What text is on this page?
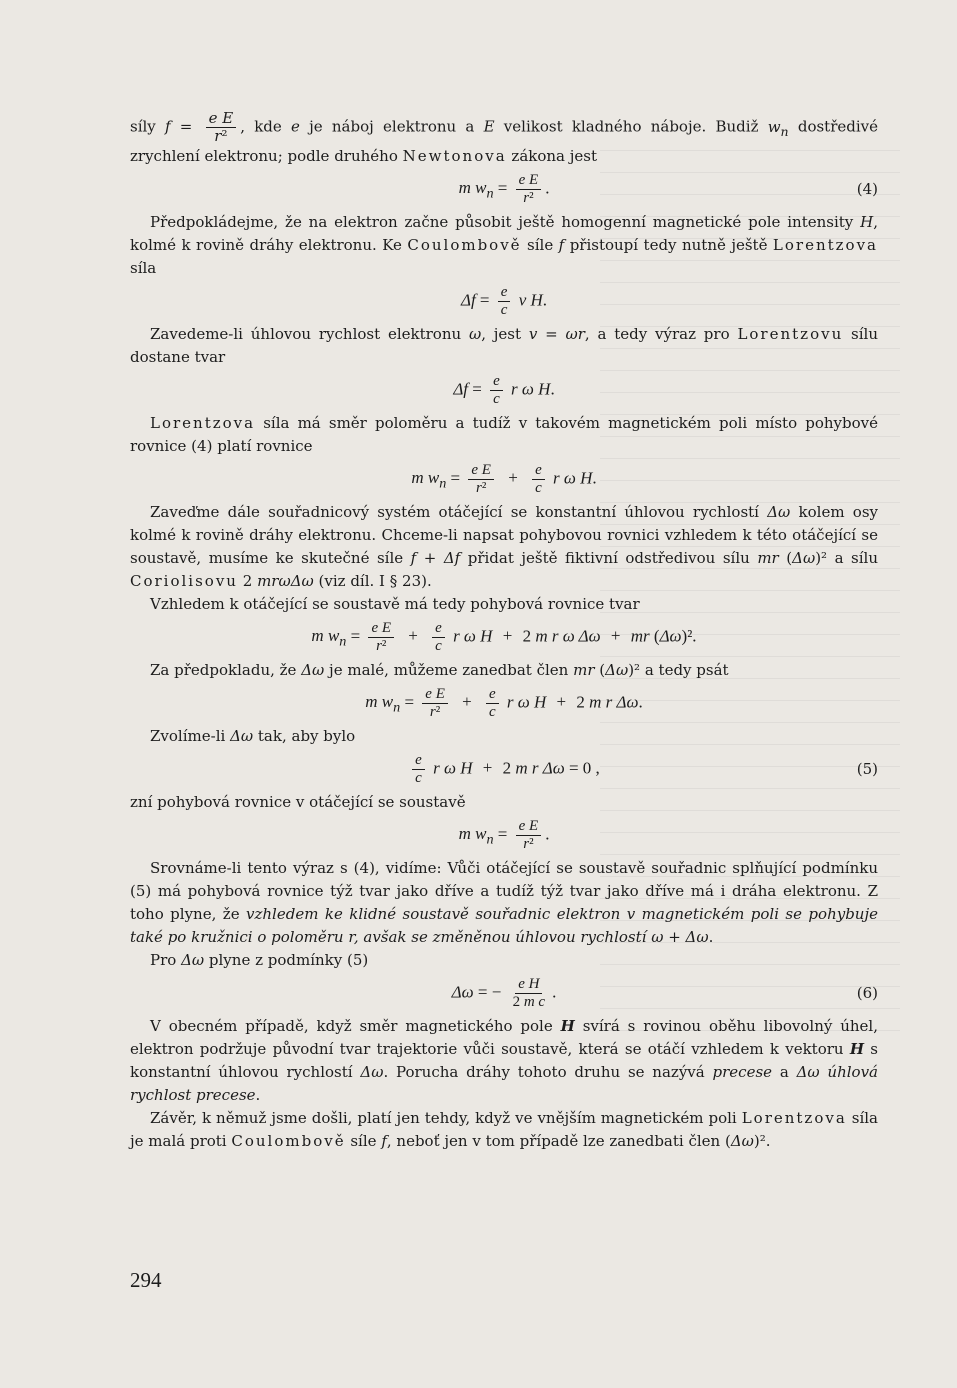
síly $f = \frac{\text{e E}}{\text{r²}}$ , kde e je náboj elektronu a E velikost kladného náboje. Budiž $w_n$ dostředivé zrychlení elektronu; podle druhého Newtonova zákona jest

m $w_n = \frac{\text{e E}}{\text{r²}}$ .	(4)

Předpokládejme, že na elektron začne působit ještě homogenní magnetické pole intensity H, kolmé k rovině dráhy elektronu. Ke Coulombově síle f přistoupí tedy nutně ještě Lorentzova síla

$\Delta f = \frac{e}{c}$ v H.

Zavedeme-li úhlovou rychlost elektronu ω, jest v = ωr, a tedy výraz pro Lorentzovu sílu dostane tvar

$\Delta f = \frac{e}{c}$ r ω H.

Lorentzova síla má směr poloměru a tudíž v takovém magnetickém poli místo pohybové rovnice (4) platí rovnice

m $w_n = \frac{\text{e E}}{\text{r²}} + \frac{e}{c}$ r ω H.

Zaveďme dále souřadnicový systém otáčející se konstantní úhlovou rychlostí Δω kolem osy kolmé k rovině dráhy elektronu. Chceme-li napsat pohybovou rovnici vzhledem k této otáčející se soustavě, musíme ke skutečné síle f + Δf přidat ještě fiktivní odstředivou sílu mr (Δω)² a sílu Coriolisovu 2 mrωΔω (viz díl. I § 23).

Vzhledem k otáčející se soustavě má tedy pohybová rovnice tvar

m $w_n = \frac{\text{e E}}{\text{r²}} + \frac{e}{c}$ r ω H + 2 m r ω Δω + mr (Δω)².

Za předpokladu, že Δω je malé, můžeme zanedbat člen mr (Δω)² a tedy psát

m $w_n = \frac{\text{e E}}{\text{r²}} + \frac{e}{c}$ r ω H + 2 m r Δω.

Zvolíme-li Δω tak, aby bylo

$\frac{e}{c}$ r ω H + 2 m r Δω = 0 ,	(5)

zní pohybová rovnice v otáčející se soustavě

m $w_n = \frac{\text{e E}}{\text{r²}}$ .

Srovnáme-li tento výraz s (4), vidíme: Vůči otáčející se soustavě souřadnic splňující podmínku (5) má pohybová rovnice týž tvar jako dříve a tudíž týž tvar jako dříve má i dráha elektronu. Z toho plyne, že vzhledem ke klidné soustavě souřadnic elektron v magnetickém poli se pohybuje také po kružnici o poloměru r, avšak se změněnou úhlovou rychlostí ω + Δω.

Pro Δω plyne z podmínky (5)

Δω = − $\frac{\text{e H}}{\text{2 m c}}$ .	(6)

V obecném případě, když směr magnetického pole H svírá s rovinou oběhu libovolný úhel, elektron podržuje původní tvar trajektorie vůči soustavě, která se otáčí vzhledem k vektoru H s konstantní úhlovou rychlostí Δω. Porucha dráhy tohoto druhu se nazývá precese a Δω úhlová rychlost precese.

Závěr, k němuž jsme došli, platí jen tehdy, když ve vnějším magnetickém poli Lorentzova síla je malá proti Coulombově síle f, neboť jen v tom případě lze zanedbati člen (Δω)².

294
